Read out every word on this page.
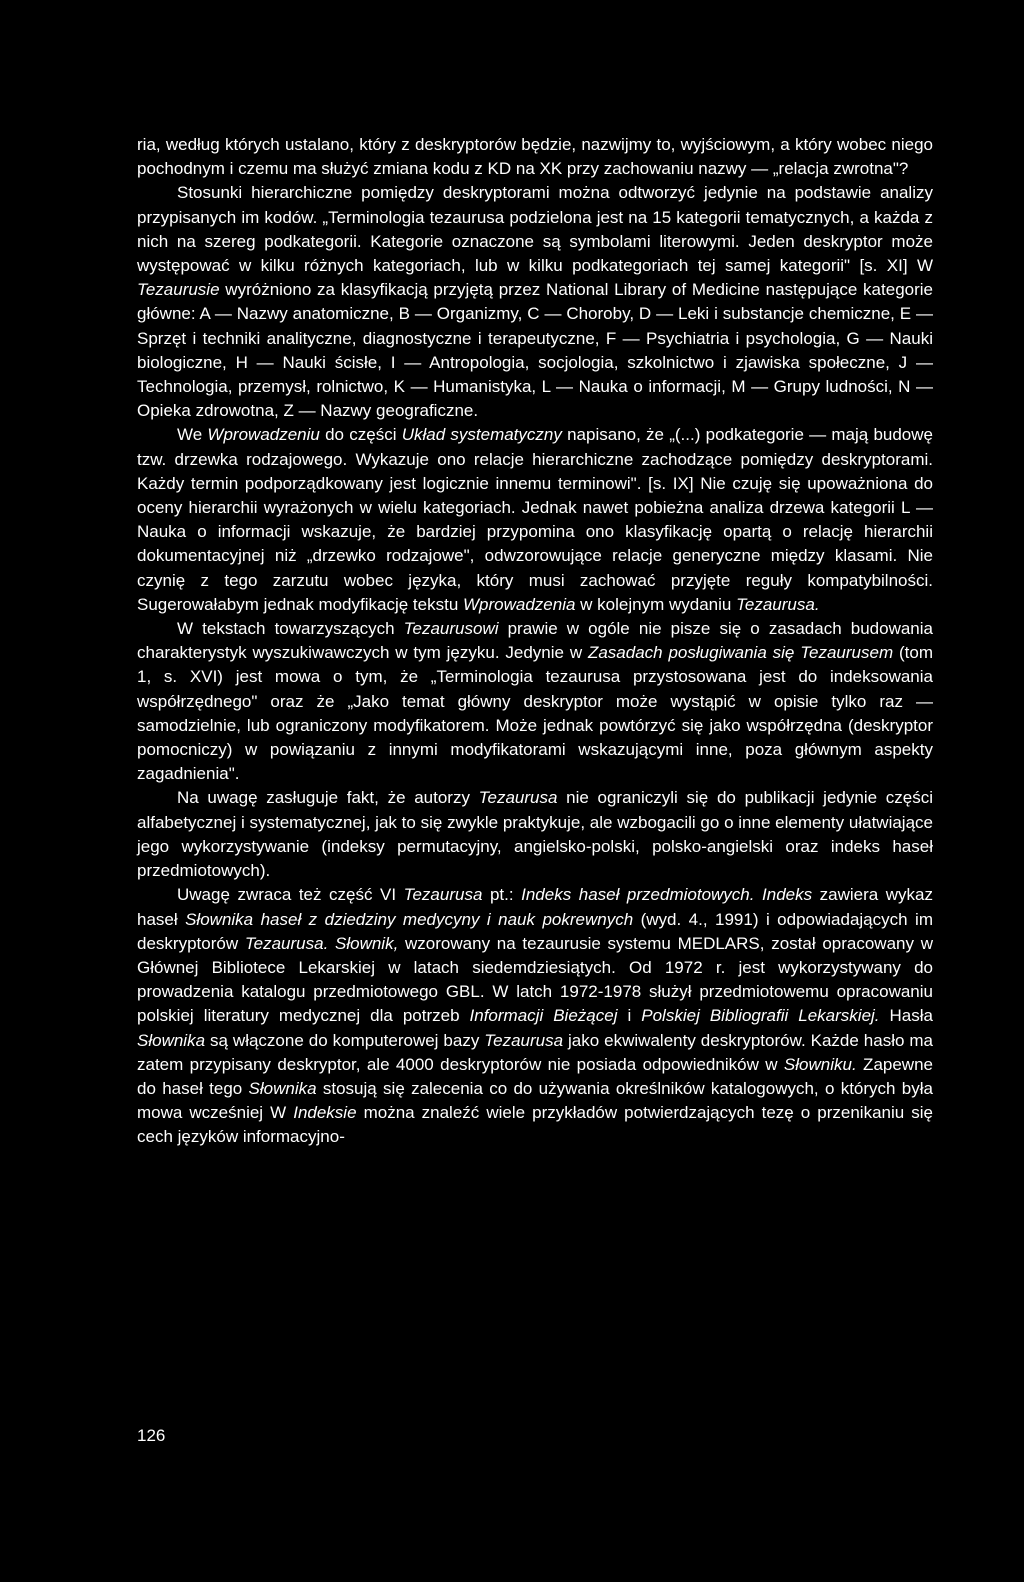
ria, według których ustalano, który z deskryptorów będzie, nazwijmy to, wyjściowym, a który wobec niego pochodnym i czemu ma służyć zmiana kodu z KD na XK przy zachowaniu nazwy — „relacja zwrotna"?

Stosunki hierarchiczne pomiędzy deskryptorami można odtworzyć jedynie na podstawie analizy przypisanych im kodów. „Terminologia tezaurusa podzielona jest na 15 kategorii tematycznych, a każda z nich na szereg podkategorii. Kategorie oznaczone są symbolami literowymi. Jeden deskryptor może występować w kilku różnych kategoriach, lub w kilku podkategoriach tej samej kategorii" [s. XI] W Tezaurusie wyróżniono za klasyfikacją przyjętą przez National Library of Medicine następujące kategorie główne: A — Nazwy anatomiczne, B — Organizmy, C — Choroby, D — Leki i substancje chemiczne, E — Sprzęt i techniki analityczne, diagnostyczne i terapeutyczne, F — Psychiatria i psychologia, G — Nauki biologiczne, H — Nauki ścisłe, I — Antropologia, socjologia, szkolnictwo i zjawiska społeczne, J — Technologia, przemysł, rolnictwo, K — Humanistyka, L — Nauka o informacji, M — Grupy ludności, N — Opieka zdrowotna, Z — Nazwy geograficzne.

We Wprowadzeniu do części Układ systematyczny napisano, że „(...) podkategorie — mają budowę tzw. drzewka rodzajowego. Wykazuje ono relacje hierarchiczne zachodzące pomiędzy deskryptorami. Każdy termin podporządkowany jest logicznie innemu terminowi". [s. IX] Nie czuję się upoważniona do oceny hierarchii wyrażonych w wielu kategoriach. Jednak nawet pobieżna analiza drzewa kategorii L — Nauka o informacji wskazuje, że bardziej przypomina ono klasyfikację opartą o relację hierarchii dokumentacyjnej niż „drzewko rodzajowe", odwzorowujące relacje generyczne między klasami. Nie czynię z tego zarzutu wobec języka, który musi zachować przyjęte reguły kompatybilności. Sugerowałabym jednak modyfikację tekstu Wprowadzenia w kolejnym wydaniu Tezaurusa.

W tekstach towarzyszących Tezaurusowi prawie w ogóle nie pisze się o zasadach budowania charakterystyk wyszukiwawczych w tym języku. Jedynie w Zasadach posługiwania się Tezaurusem (tom 1, s. XVI) jest mowa o tym, że „Terminologia tezaurusa przystosowana jest do indeksowania współrzędnego" oraz że „Jako temat główny deskryptor może wystąpić w opisie tylko raz — samodzielnie, lub ograniczony modyfikatorem. Może jednak powtórzyć się jako współrzędna (deskryptor pomocniczy) w powiązaniu z innymi modyfikatorami wskazującymi inne, poza głównym aspekty zagadnienia".

Na uwagę zasługuje fakt, że autorzy Tezaurusa nie ograniczyli się do publikacji jedynie części alfabetycznej i systematycznej, jak to się zwykle praktykuje, ale wzbogacili go o inne elementy ułatwiające jego wykorzystywanie (indeksy permutacyjny, angielsko-polski, polsko-angielski oraz indeks haseł przedmiotowych).

Uwagę zwraca też część VI Tezaurusa pt.: Indeks haseł przedmiotowych. Indeks zawiera wykaz haseł Słownika haseł z dziedziny medycyny i nauk pokrewnych (wyd. 4., 1991) i odpowiadających im deskryptorów Tezaurusa. Słownik, wzorowany na tezaurusie systemu MEDLARS, został opracowany w Głównej Bibliotece Lekarskiej w latach siedemdziesiątych. Od 1972 r. jest wykorzystywany do prowadzenia katalogu przedmiotowego GBL. W latch 1972-1978 służył przedmiotowemu opracowaniu polskiej literatury medycznej dla potrzeb Informacji Bieżącej i Polskiej Bibliografii Lekarskiej. Hasła Słownika są włączone do komputerowej bazy Tezaurusa jako ekwiwalenty deskryptorów. Każde hasło ma zatem przypisany deskryptor, ale 4000 deskryptorów nie posiada odpowiedników w Słowniku. Zapewne do haseł tego Słownika stosują się zalecenia co do używania określników katalogowych, o których była mowa wcześniej W Indeksie można znaleźć wiele przykładów potwierdzających tezę o przenikaniu się cech języków informacyjno-

126
